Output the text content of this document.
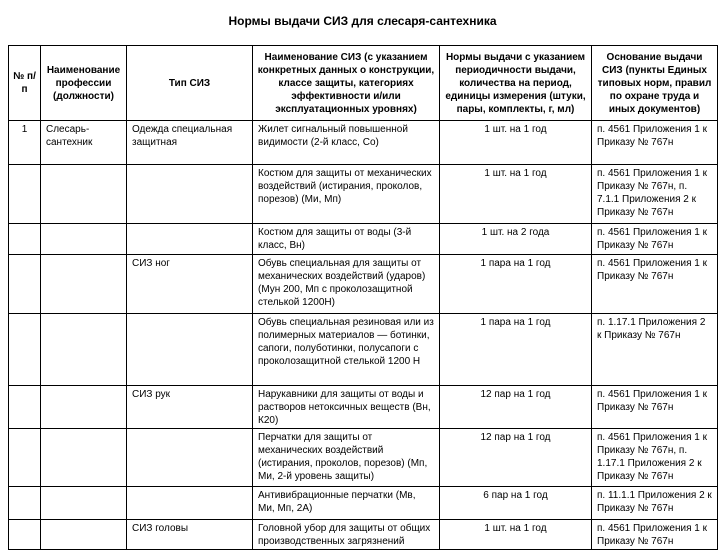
Нормы выдачи СИЗ для слесаря-сантехника
№ п/п	Наименование профессии (должности)	Тип СИЗ	Наименование СИЗ (с указанием конкретных данных о конструкции, классе защиты, категориях эффективности и/или эксплуатационных уровнях)	Нормы выдачи с указанием периодичности выдачи, количества на период, единицы измерения (штуки, пары, комплекты, г, мл)	Основание выдачи СИЗ (пункты Единых типовых норм, правил по охране труда и иных документов)
1	Слесарь-сантехник	Одежда специальная защитная	Жилет сигнальный повышенной видимости (2-й класс, Со)	1 шт. на 1 год	п. 4561 Приложения 1 к Приказу № 767н
			Костюм для защиты от механических воздействий (истирания, проколов, порезов) (Ми, Мп)	1 шт. на 1 год	п. 4561 Приложения 1 к Приказу № 767н, п. 7.1.1 Приложения 2 к Приказу № 767н
			Костюм для защиты от воды (3-й класс, Вн)	1 шт. на 2 года	п. 4561 Приложения 1 к Приказу № 767н
		СИЗ ног	Обувь специальная для защиты от механических воздействий (ударов) (Мун 200, Мп с проколозащитной стелькой 1200Н)	1 пара на 1 год	п. 4561 Приложения 1 к Приказу № 767н
			Обувь специальная резиновая или из полимерных материалов — ботинки, сапоги, полуботинки, полусапоги с проколозащитной стелькой 1200 Н	1 пара на 1 год	п. 1.17.1 Приложения 2 к Приказу № 767н
		СИЗ рук	Нарукавники для защиты от воды и растворов нетоксичных веществ (Вн, К20)	12 пар на 1 год	п. 4561 Приложения 1 к Приказу № 767н
			Перчатки для защиты от механических воздействий (истирания, проколов, порезов) (Мп, Ми, 2-й уровень защиты)	12 пар на 1 год	п. 4561 Приложения 1 к Приказу № 767н, п. 1.17.1 Приложения 2 к Приказу № 767н
			Антивибрационные перчатки (Мв, Ми, Мп, 2А)	6 пар на 1 год	п. 11.1.1 Приложения 2 к Приказу № 767н
		СИЗ головы	Головной убор для защиты от общих производственных загрязнений	1 шт. на 1 год	п. 4561 Приложения 1 к Приказу № 767н
